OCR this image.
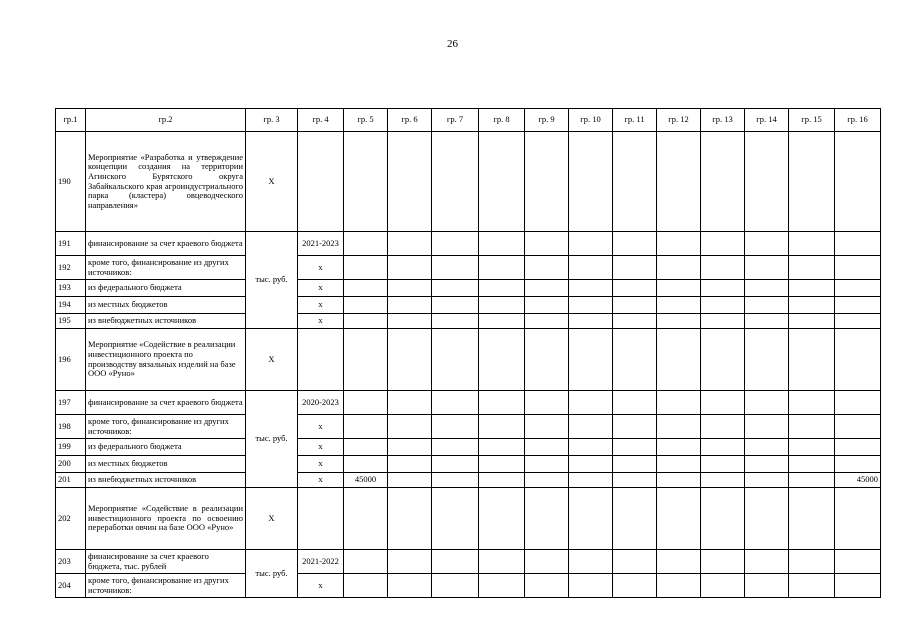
26
гр.1	гр.2	гр. 3	гр. 4	гр. 5	гр. 6	гр. 7	гр. 8	гр. 9	гр. 10	гр. 11	гр. 12	гр. 13	гр. 14	гр. 15	гр. 16
190	Мероприятие «Разработка и утверждение концепции создания на территории Агинского Бурятского округа Забайкальского края агроиндустриального парка (кластера) овцеводческого направления»	Х													
191	финансирование за счет краевого бюджета	тыс. руб.	2021-2023												
192	кроме того, финансирование из других источников:		х												
193	из федерального бюджета		х												
194	из местных бюджетов		х												
195	из внебюджетных источников		х												
196	Мероприятие «Содействие в реализации инвестиционного проекта по производству вязальных изделий на базе ООО «Руно»	Х													
197	финансирование за счет краевого бюджета	тыс. руб.	2020-2023												
198	кроме того, финансирование из других источников:		х												
199	из федерального бюджета		х												
200	из местных бюджетов		х												
201	из внебюджетных источников		х	45000											45000
202	Мероприятие «Содействие в реализации инвестиционного проекта по освоению переработки овчин на базе ООО «Руно»	Х													
203	финансирование за счет краевого бюджета, тыс. рублей	тыс. руб.	2021-2022												
204	кроме того, финансирование из других источников:		х												
